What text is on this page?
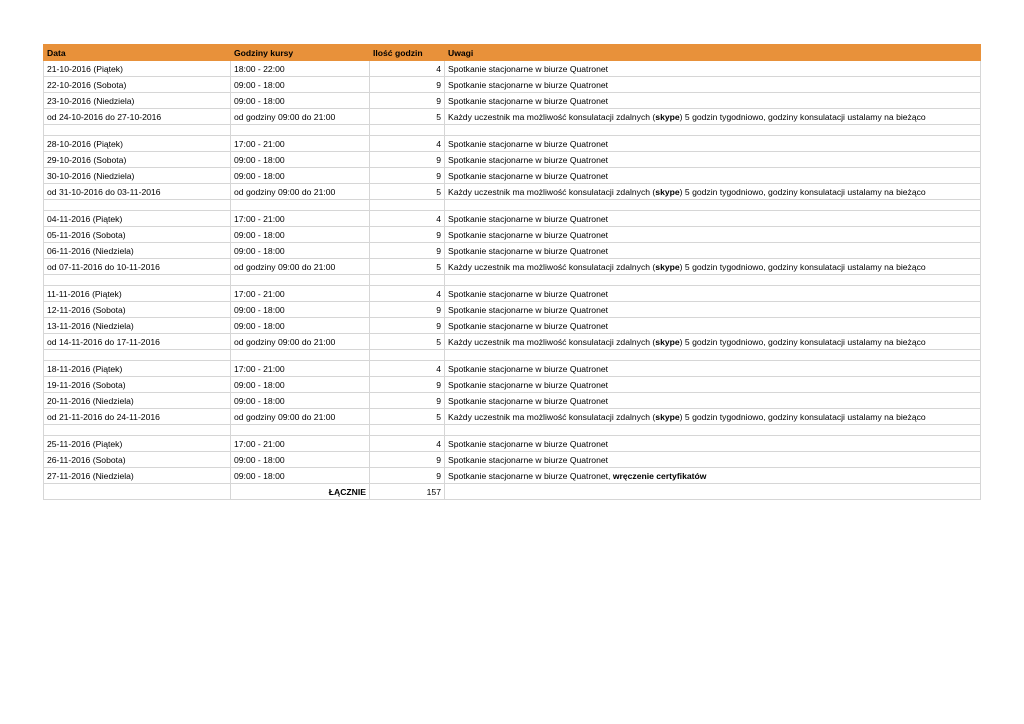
Data	Godziny kursy	Ilość godzin	Uwagi
21-10-2016 (Piątek)	18:00 - 22:00	4	Spotkanie stacjonarne w biurze Quatronet
22-10-2016 (Sobota)	09:00 - 18:00	9	Spotkanie stacjonarne w biurze Quatronet
23-10-2016 (Niedziela)	09:00 - 18:00	9	Spotkanie stacjonarne w biurze Quatronet
od 24-10-2016 do 27-10-2016	od godziny 09:00 do 21:00	5	Każdy uczestnik ma możliwość konsulatacji zdalnych (skype) 5 godzin tygodniowo, godziny konsulatacji ustalamy na bieżąco

28-10-2016 (Piątek)	17:00 - 21:00	4	Spotkanie stacjonarne w biurze Quatronet
29-10-2016 (Sobota)	09:00 - 18:00	9	Spotkanie stacjonarne w biurze Quatronet
30-10-2016 (Niedziela)	09:00 - 18:00	9	Spotkanie stacjonarne w biurze Quatronet
od 31-10-2016 do 03-11-2016	od godziny 09:00 do 21:00	5	Każdy uczestnik ma możliwość konsulatacji zdalnych (skype) 5 godzin tygodniowo, godziny konsulatacji ustalamy na bieżąco

04-11-2016 (Piątek)	17:00 - 21:00	4	Spotkanie stacjonarne w biurze Quatronet
05-11-2016 (Sobota)	09:00 - 18:00	9	Spotkanie stacjonarne w biurze Quatronet
06-11-2016 (Niedziela)	09:00 - 18:00	9	Spotkanie stacjonarne w biurze Quatronet
od 07-11-2016 do 10-11-2016	od godziny 09:00 do 21:00	5	Każdy uczestnik ma możliwość konsulatacji zdalnych (skype) 5 godzin tygodniowo, godziny konsulatacji ustalamy na bieżąco

11-11-2016 (Piątek)	17:00 - 21:00	4	Spotkanie stacjonarne w biurze Quatronet
12-11-2016 (Sobota)	09:00 - 18:00	9	Spotkanie stacjonarne w biurze Quatronet
13-11-2016 (Niedziela)	09:00 - 18:00	9	Spotkanie stacjonarne w biurze Quatronet
od 14-11-2016 do 17-11-2016	od godziny 09:00 do 21:00	5	Każdy uczestnik ma możliwość konsulatacji zdalnych (skype) 5 godzin tygodniowo, godziny konsulatacji ustalamy na bieżąco

18-11-2016 (Piątek)	17:00 - 21:00	4	Spotkanie stacjonarne w biurze Quatronet
19-11-2016 (Sobota)	09:00 - 18:00	9	Spotkanie stacjonarne w biurze Quatronet
20-11-2016 (Niedziela)	09:00 - 18:00	9	Spotkanie stacjonarne w biurze Quatronet
od 21-11-2016 do 24-11-2016	od godziny 09:00 do 21:00	5	Każdy uczestnik ma możliwość konsulatacji zdalnych (skype) 5 godzin tygodniowo, godziny konsulatacji ustalamy na bieżąco

25-11-2016 (Piątek)	17:00 - 21:00	4	Spotkanie stacjonarne w biurze Quatronet
26-11-2016 (Sobota)	09:00 - 18:00	9	Spotkanie stacjonarne w biurze Quatronet
27-11-2016 (Niedziela)	09:00 - 18:00	9	Spotkanie stacjonarne w biurze Quatronet, wręczenie certyfikatów
	ŁĄCZNIE	157	
